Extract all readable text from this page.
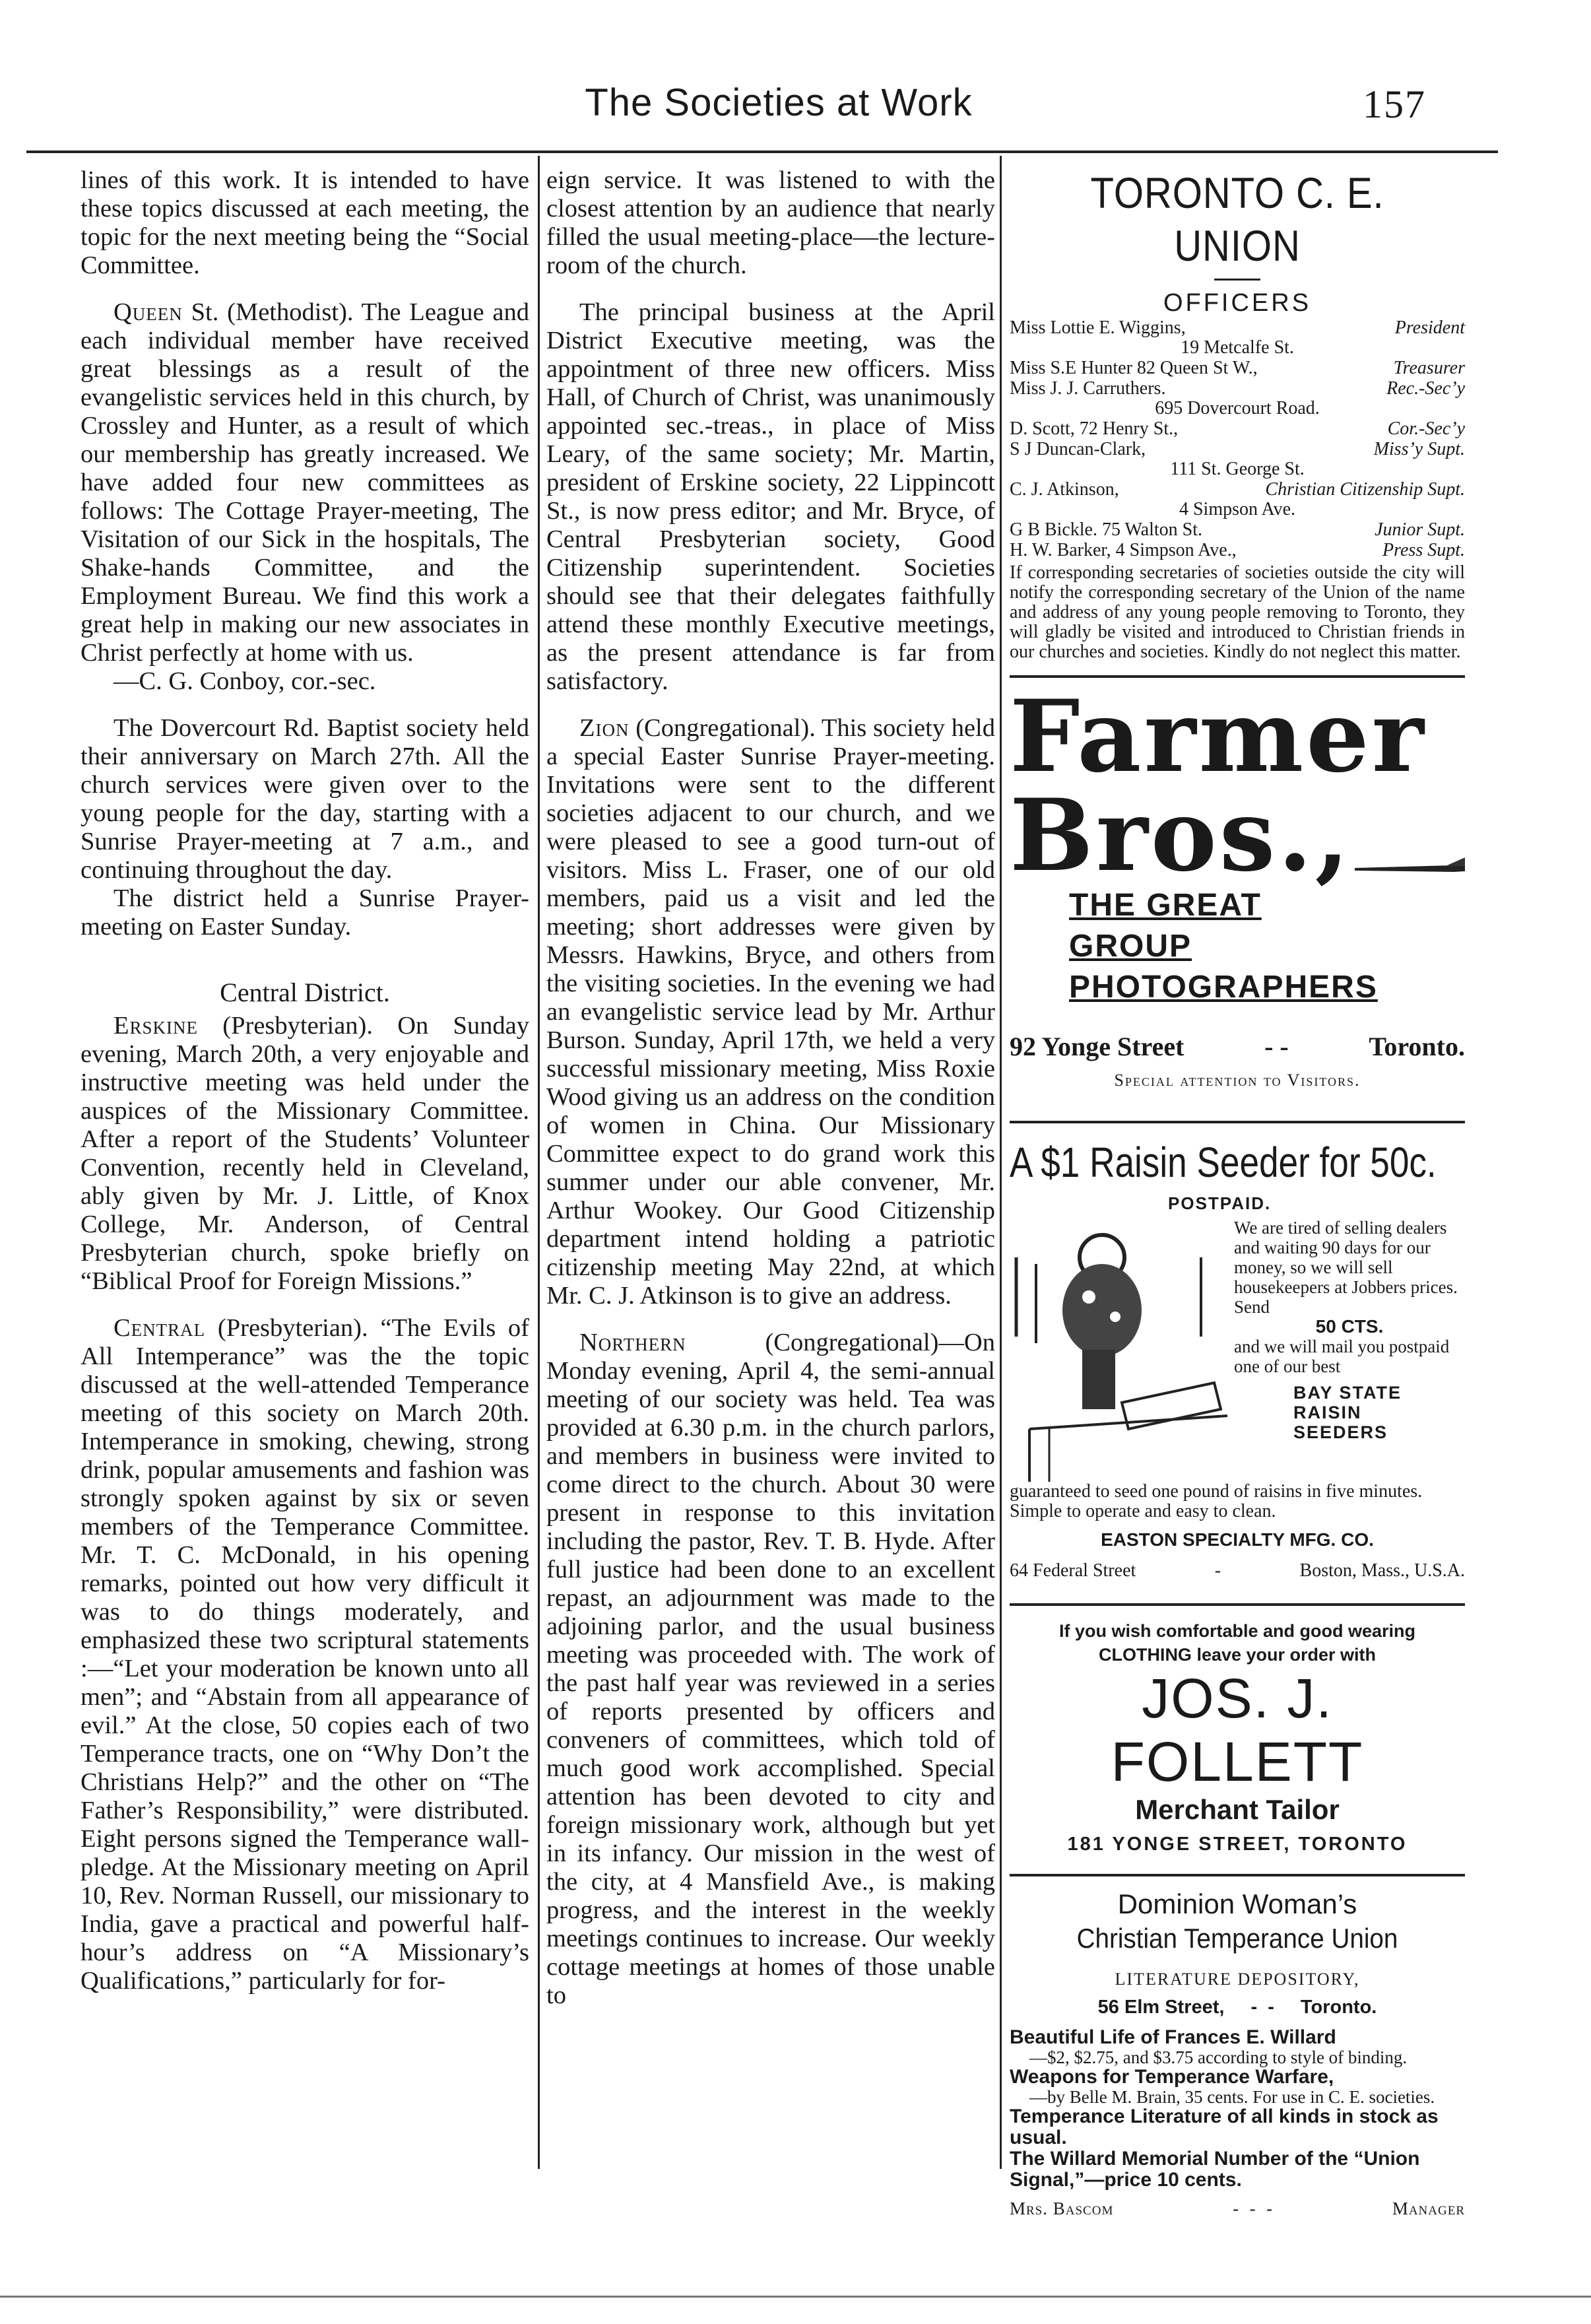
The Societies at Work	157

lines of this work. It is intended to have these topics discussed at each meeting, the topic for the next meeting being the “Social Committee.

Queen St. (Methodist). The League and each individual member have received great blessings as a result of the evangelistic services held in this church, by Crossley and Hunter, as a result of which our membership has greatly increased. We have added four new committees as follows: The Cottage Prayer-meeting, The Visitation of our Sick in the hospitals, The Shake-hands Committee, and the Employment Bureau. We find this work a great help in making our new associates in Christ perfectly at home with us.

—C. G. Conboy, cor.-sec.

The Dovercourt Rd. Baptist society held their anniversary on March 27th. All the church services were given over to the young people for the day, starting with a Sunrise Prayer-meeting at 7 a.m., and continuing throughout the day.

The district held a Sunrise Prayer-meeting on Easter Sunday.

Central District.

Erskine (Presbyterian). On Sunday evening, March 20th, a very enjoyable and instructive meeting was held under the auspices of the Missionary Committee. After a report of the Students’ Volunteer Convention, recently held in Cleveland, ably given by Mr. J. Little, of Knox College, Mr. Anderson, of Central Presbyterian church, spoke briefly on “Biblical Proof for Foreign Missions.”

Central (Presbyterian). “The Evils of All Intemperance” was the the topic discussed at the well-attended Temperance meeting of this society on March 20th. Intemperance in smoking, chewing, strong drink, popular amusements and fashion was strongly spoken against by six or seven members of the Temperance Committee. Mr. T. C. McDonald, in his opening remarks, pointed out how very difficult it was to do things moderately, and emphasized these two scriptural statements :—“Let your moderation be known unto all men”; and “Abstain from all appearance of evil.” At the close, 50 copies each of two Temperance tracts, one on “Why Don’t the Christians Help?” and the other on “The Father’s Responsibility,” were distributed. Eight persons signed the Temperance wall-pledge. At the Missionary meeting on April 10, Rev. Norman Russell, our missionary to India, gave a practical and powerful half-hour’s address on “A Missionary’s Qualifications,” particularly for for-

eign service. It was listened to with the closest attention by an audience that nearly filled the usual meeting-place—the lecture-room of the church.

The principal business at the April District Executive meeting, was the appointment of three new officers. Miss Hall, of Church of Christ, was unanimously appointed sec.-treas., in place of Miss Leary, of the same society; Mr. Martin, president of Erskine society, 22 Lippincott St., is now press editor; and Mr. Bryce, of Central Presbyterian society, Good Citizenship superintendent. Societies should see that their delegates faithfully attend these monthly Executive meetings, as the present attendance is far from satisfactory.

Zion (Congregational). This society held a special Easter Sunrise Prayer-meeting. Invitations were sent to the different societies adjacent to our church, and we were pleased to see a good turn-out of visitors. Miss L. Fraser, one of our old members, paid us a visit and led the meeting; short addresses were given by Messrs. Hawkins, Bryce, and others from the visiting societies. In the evening we had an evangelistic service lead by Mr. Arthur Burson. Sunday, April 17th, we held a very successful missionary meeting, Miss Roxie Wood giving us an address on the condition of women in China. Our Missionary Committee expect to do grand work this summer under our able convener, Mr. Arthur Wookey. Our Good Citizenship department intend holding a patriotic citizenship meeting May 22nd, at which Mr. C. J. Atkinson is to give an address.

Northern (Congregational)—On Monday evening, April 4, the semi-annual meeting of our society was held. Tea was provided at 6.30 p.m. in the church parlors, and members in business were invited to come direct to the church. About 30 were present in response to this invitation including the pastor, Rev. T. B. Hyde. After full justice had been done to an excellent repast, an adjournment was made to the adjoining parlor, and the usual business meeting was proceeded with. The work of the past half year was reviewed in a series of reports presented by officers and conveners of committees, which told of much good work accomplished. Special attention has been devoted to city and foreign missionary work, although but yet in its infancy. Our mission in the west of the city, at 4 Mansfield Ave., is making progress, and the interest in the weekly meetings continues to increase. Our weekly cottage meetings at homes of those unable to

TORONTO C. E. UNION
OFFICERS
Miss Lottie E. Wiggins,	President
19 Metcalfe St.
Miss S.E Hunter 82 Queen St W.,	Treasurer
Miss J. J. Carruthers.	Rec.-Sec’y
695 Dovercourt Road.
D. Scott, 72 Henry St.,	Cor.-Sec’y
S J Duncan-Clark,	Miss’y Supt.
111 St. George St.
C. J. Atkinson,	Christian Citizenship Supt.
4 Simpson Ave.
G B Bickle. 75 Walton St.	Junior Supt.
H. W. Barker, 4 Simpson Ave.,	Press Supt.
If corresponding secretaries of societies outside the city will notify the corresponding secretary of the Union of the name and address of any young people removing to Toronto, they will gladly be visited and introduced to Christian friends in our churches and societies. Kindly do not neglect this matter.
Farmer
Bros.,
THE GREAT
GROUP
PHOTOGRAPHERS
92 Yonge Street	- -	Toronto.
Special attention to Visitors.
A $1 Raisin Seeder for 50c.
POSTPAID.
We are tired of selling dealers and waiting 90 days for our money, so we will sell housekeepers at Jobbers prices. Send
50 CTS.
and we will mail you postpaid one of our best
BAY STATE RAISIN SEEDERS
guaranteed to seed one pound of raisins in five minutes. Simple to operate and easy to clean.
EASTON SPECIALTY MFG. CO.
64 Federal Street	-	Boston, Mass., U.S.A.
If you wish comfortable and good wearing
CLOTHING leave your order with
JOS. J. FOLLETT
Merchant Tailor
181 YONGE STREET, TORONTO
Dominion Woman’s
Christian Temperance Union
LITERATURE DEPOSITORY,
56 Elm Street, -  - Toronto.
Beautiful Life of Frances E. Willard
—$2, $2.75, and $3.75 according to style of binding.
Weapons for Temperance Warfare,
—by Belle M. Brain, 35 cents. For use in C. E. societies.
Temperance Literature of all kinds in stock as usual.
The Willard Memorial Number of the “Union Signal,”—price 10 cents.
Mrs. Bascom	-  -  -	Manager
